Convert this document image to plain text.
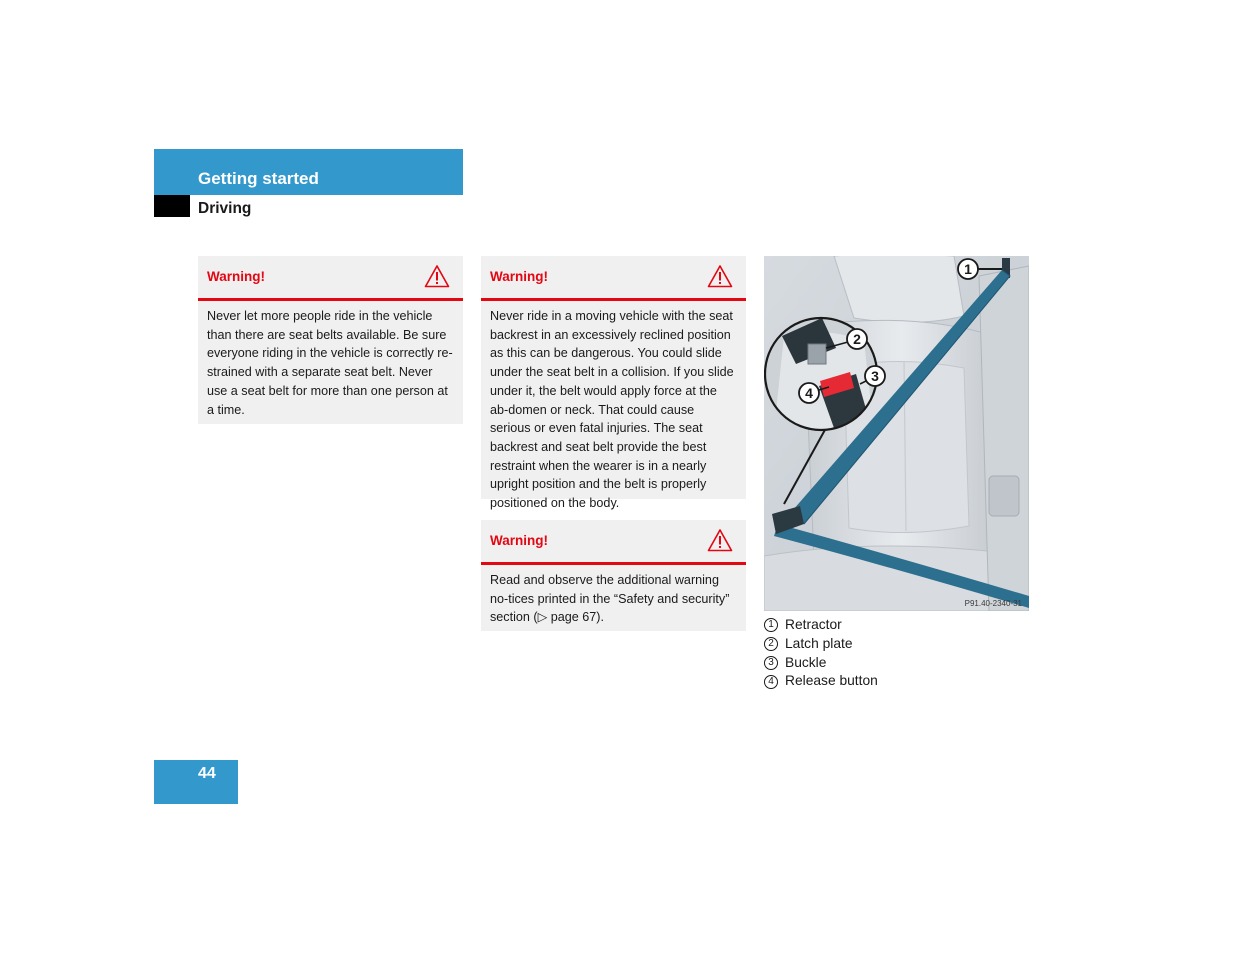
Getting started
Driving
Warning!
Never let more people ride in the vehicle than there are seat belts available. Be sure everyone riding in the vehicle is correctly re-strained with a separate seat belt. Never use a seat belt for more than one person at a time.
Warning!
Never ride in a moving vehicle with the seat backrest in an excessively reclined position as this can be dangerous. You could slide under the seat belt in a collision. If you slide under it, the belt would apply force at the ab-domen or neck. That could cause serious or even fatal injuries. The seat backrest and seat belt provide the best restraint when the wearer is in a nearly upright position and the belt is properly positioned on the body.
Warning!
Read and observe the additional warning no-tices printed in the “Safety and security” section (▷ page 67).
1
2
3
4
P91.40-2340-31
1 Retractor
2 Latch plate
3 Buckle
4 Release button
44
